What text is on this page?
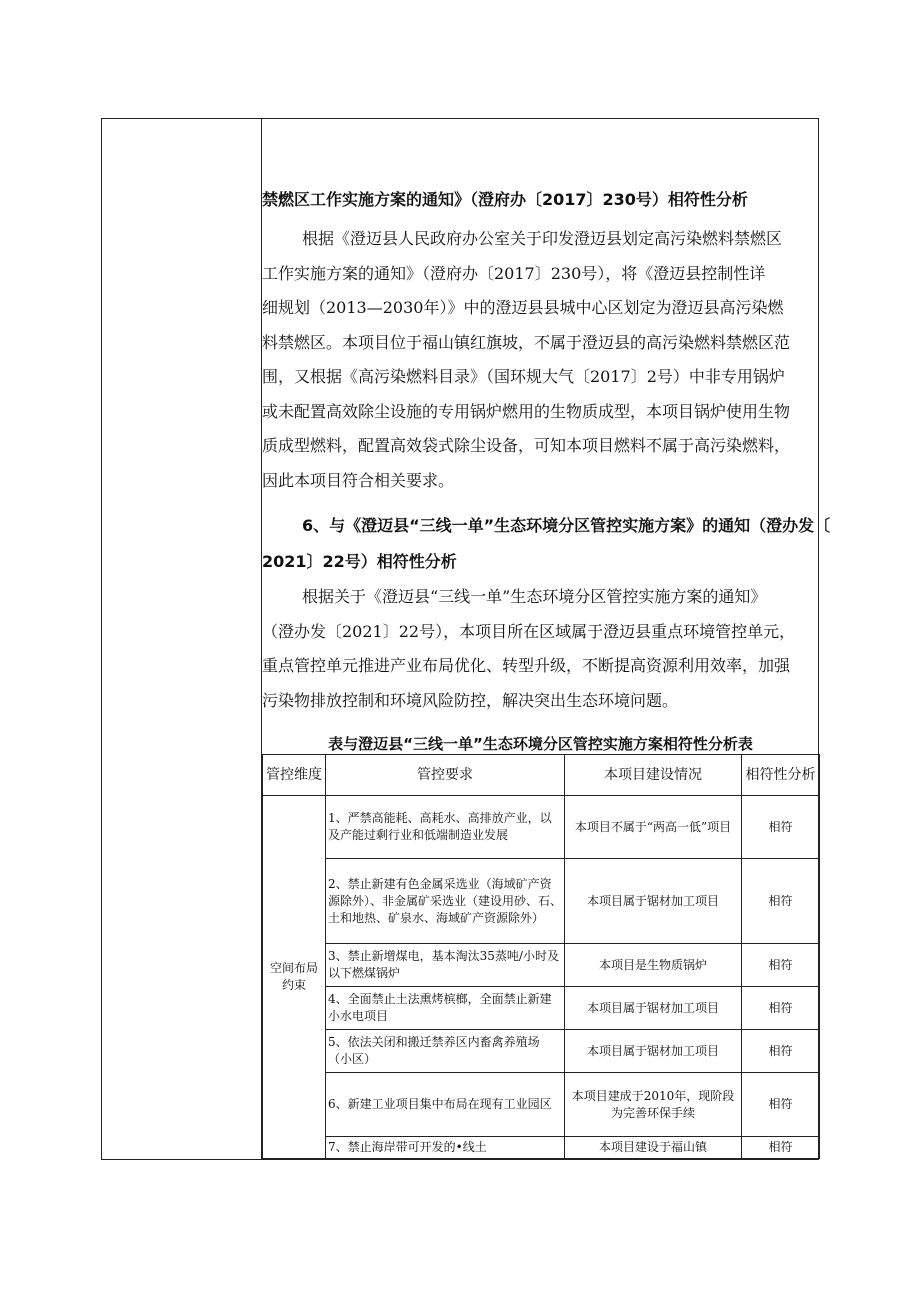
禁燃区工作实施方案的通知》（澄府办〔2017〕230号）相符性分析
根据《澄迈县人民政府办公室关于印发澄迈县划定高污染燃料禁燃区
工作实施方案的通知》（澄府办〔2017〕230号），将《澄迈县控制性详
细规划（2013—2030年）》中的澄迈县县城中心区划定为澄迈县高污染燃
料禁燃区。本项目位于福山镇红旗坡，不属于澄迈县的高污染燃料禁燃区范
围，又根据《高污染燃料目录》（国环规大气〔2017〕2号）中非专用锅炉
或未配置高效除尘设施的专用锅炉燃用的生物质成型，本项目锅炉使用生物
质成型燃料，配置高效袋式除尘设备，可知本项目燃料不属于高污染燃料，
因此本项目符合相关要求。
6、与《澄迈县“三线一单”生态环境分区管控实施方案》的通知（澄办发〔
2021〕22号）相符性分析
根据关于《澄迈县“三线一单”生态环境分区管控实施方案的通知》
（澄办发〔2021〕22号），本项目所在区域属于澄迈县重点环境管控单元，
重点管控单元推进产业布局优化、转型升级，不断提高资源利用效率，加强
污染物排放控制和环境风险防控，解决突出生态环境问题。
表与澄迈县“三线一单”生态环境分区管控实施方案相符性分析表
管控维度	管控要求	本项目建设情况	相符性分析
空间布局约束	1、严禁高能耗、高耗水、高排放产业，以及产能过剩行业和低端制造业发展	本项目不属于“两高一低”项目	相符
	2、禁止新建有色金属采选业（海域矿产资源除外）、非金属矿采选业（建设用砂、石、土和地热、矿泉水、海域矿产资源除外）	本项目属于锯材加工项目	相符
	3、禁止新增煤电，基本淘汰35蒸吨/小时及以下燃煤锅炉	本项目是生物质锅炉	相符
	4、全面禁止土法熏烤槟榔，全面禁止新建小水电项目	本项目属于锯材加工项目	相符
	5、依法关闭和搬迁禁养区内畜禽养殖场（小区）	本项目属于锯材加工项目	相符
	6、新建工业项目集中布局在现有工业园区	本项目建成于2010年，现阶段为完善环保手续	相符
	7、禁止海岸带可开发的•线土	本项目建设于福山镇	相符
